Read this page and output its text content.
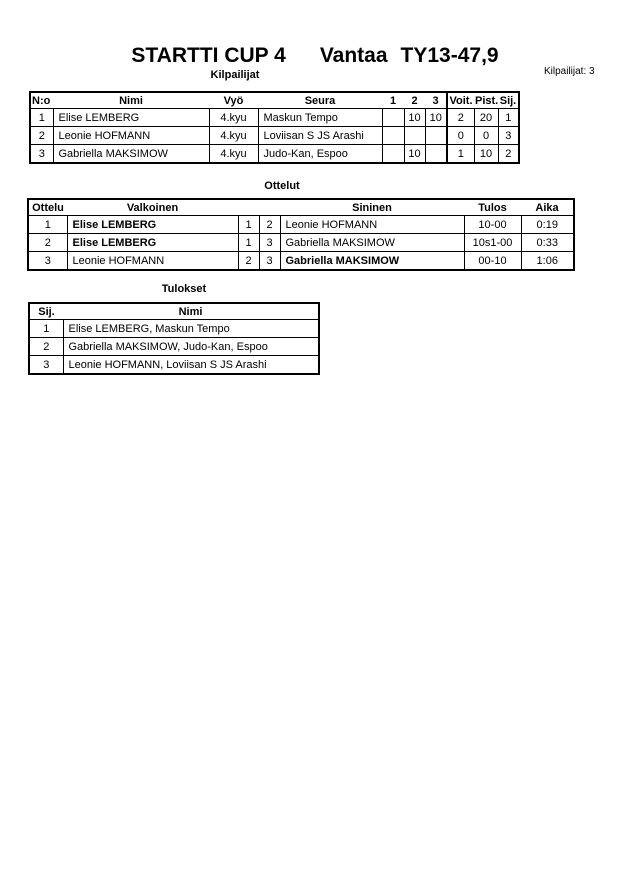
STARTTI CUP 4 Vantaa TY13-47,9
Kilpailijat	Kilpailijat: 3
N:o	Nimi	Vyö	Seura	1	2	3	Voit.	Pist.	Sij.
1	Elise LEMBERG	4.kyu	Maskun Tempo		10	10	2	20	1
2	Leonie HOFMANN	4.kyu	Loviisan S JS Arashi				0	0	3
3	Gabriella MAKSIMOW	4.kyu	Judo-Kan, Espoo		10		1	10	2
Ottelut
Ottelu	Valkoinen			Sininen	Tulos	Aika
1	Elise LEMBERG	1	2	Leonie HOFMANN	10-00	0:19
2	Elise LEMBERG	1	3	Gabriella MAKSIMOW	10s1-00	0:33
3	Leonie HOFMANN	2	3	Gabriella MAKSIMOW	00-10	1:06
Tulokset
Sij.	Nimi
1	Elise LEMBERG, Maskun Tempo
2	Gabriella MAKSIMOW, Judo-Kan, Espoo
3	Leonie HOFMANN, Loviisan S JS Arashi
